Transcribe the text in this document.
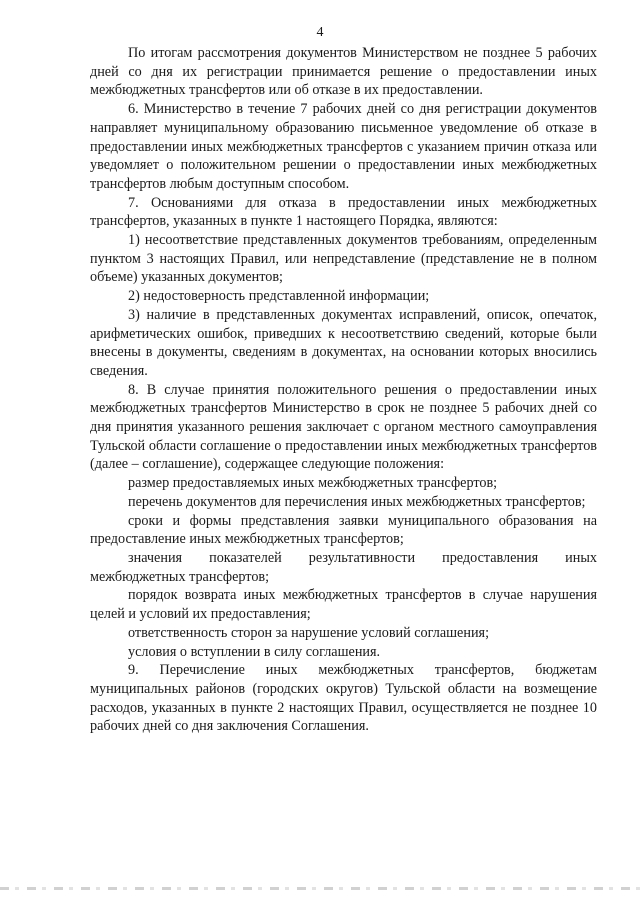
4

По итогам рассмотрения документов Министерством не позднее 5 рабочих дней со дня их регистрации принимается решение о предоставлении иных межбюджетных трансфертов или об отказе в их предоставлении.

6. Министерство в течение 7 рабочих дней со дня регистрации документов направляет муниципальному образованию письменное уведомление об отказе в предоставлении иных межбюджетных трансфертов с указанием причин отказа или уведомляет о положительном решении о предоставлении иных межбюджетных трансфертов любым доступным способом.

7. Основаниями для отказа в предоставлении иных межбюджетных трансфертов, указанных в пункте 1 настоящего Порядка, являются:

1) несоответствие представленных документов требованиям, определенным пунктом 3 настоящих Правил, или непредставление (представление не в полном объеме) указанных документов;

2) недостоверность представленной информации;

3) наличие в представленных документах исправлений, описок, опечаток, арифметических ошибок, приведших к несоответствию сведений, которые были внесены в документы, сведениям в документах, на основании которых вносились сведения.

8. В случае принятия положительного решения о предоставлении иных межбюджетных трансфертов Министерство в срок не позднее 5 рабочих дней со дня принятия указанного решения заключает с органом местного самоуправления Тульской области соглашение о предоставлении иных межбюджетных трансфертов (далее – соглашение), содержащее следующие положения:

размер предоставляемых иных межбюджетных трансфертов;

перечень документов для перечисления иных межбюджетных трансфертов;

сроки и формы представления заявки муниципального образования на предоставление иных межбюджетных трансфертов;

значения показателей результативности предоставления иных межбюджетных трансфертов;

порядок возврата иных межбюджетных трансфертов в случае нарушения целей и условий их предоставления;

ответственность сторон за нарушение условий соглашения;

условия о вступлении в силу соглашения.

9. Перечисление иных межбюджетных трансфертов, бюджетам муниципальных районов (городских округов) Тульской области на возмещение расходов, указанных в пункте 2 настоящих Правил, осуществляется не позднее 10 рабочих дней со дня заключения Соглашения.
